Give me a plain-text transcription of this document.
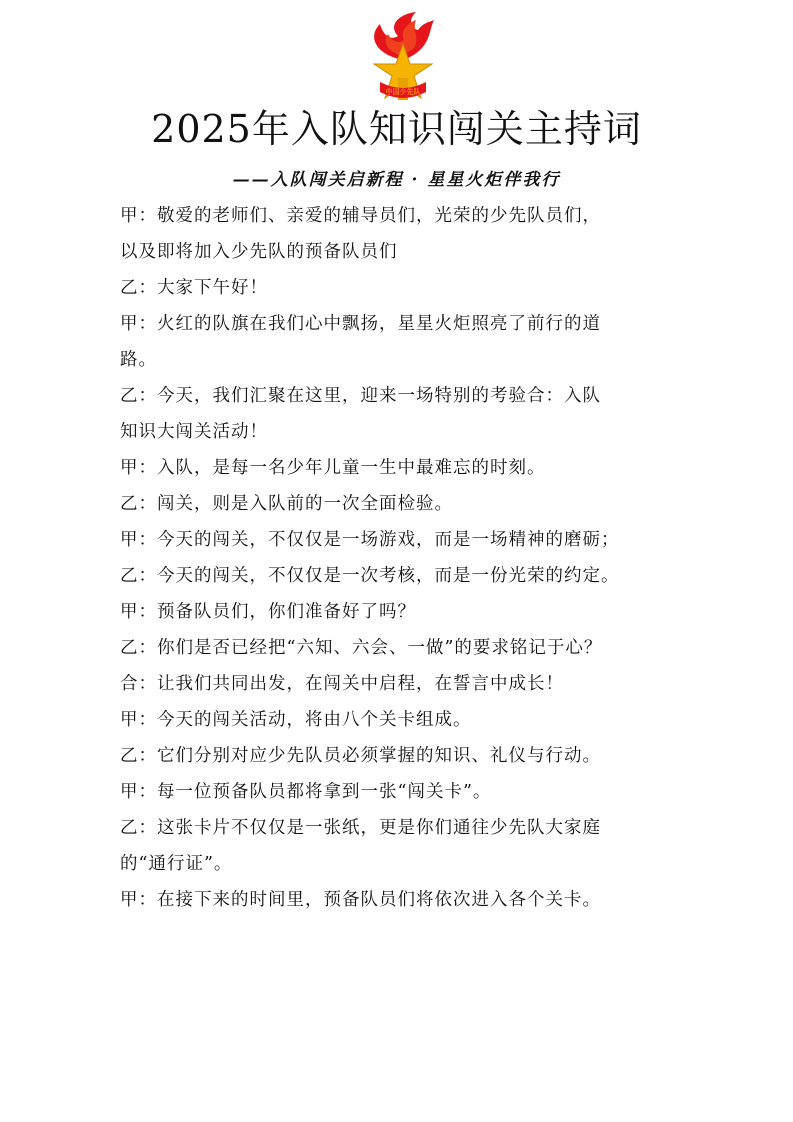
中国少先队
2025年入队知识闯关主持词
——入队闯关启新程 · 星星火炬伴我行
甲：敬爱的老师们、亲爱的辅导员们，光荣的少先队员们，
以及即将加入少先队的预备队员们
乙：大家下午好！
甲：火红的队旗在我们心中飘扬，星星火炬照亮了前行的道
路。
乙：今天，我们汇聚在这里，迎来一场特别的考验合：入队
知识大闯关活动！
甲：入队，是每一名少年儿童一生中最难忘的时刻。
乙：闯关，则是入队前的一次全面检验。
甲：今天的闯关，不仅仅是一场游戏，而是一场精神的磨砺；
乙：今天的闯关，不仅仅是一次考核，而是一份光荣的约定。
甲：预备队员们，你们准备好了吗？
乙：你们是否已经把“六知、六会、一做”的要求铭记于心？
合：让我们共同出发，在闯关中启程，在誓言中成长！
甲：今天的闯关活动，将由八个关卡组成。
乙：它们分别对应少先队员必须掌握的知识、礼仪与行动。
甲：每一位预备队员都将拿到一张“闯关卡”。
乙：这张卡片不仅仅是一张纸，更是你们通往少先队大家庭
的“通行证”。
甲：在接下来的时间里，预备队员们将依次进入各个关卡。
